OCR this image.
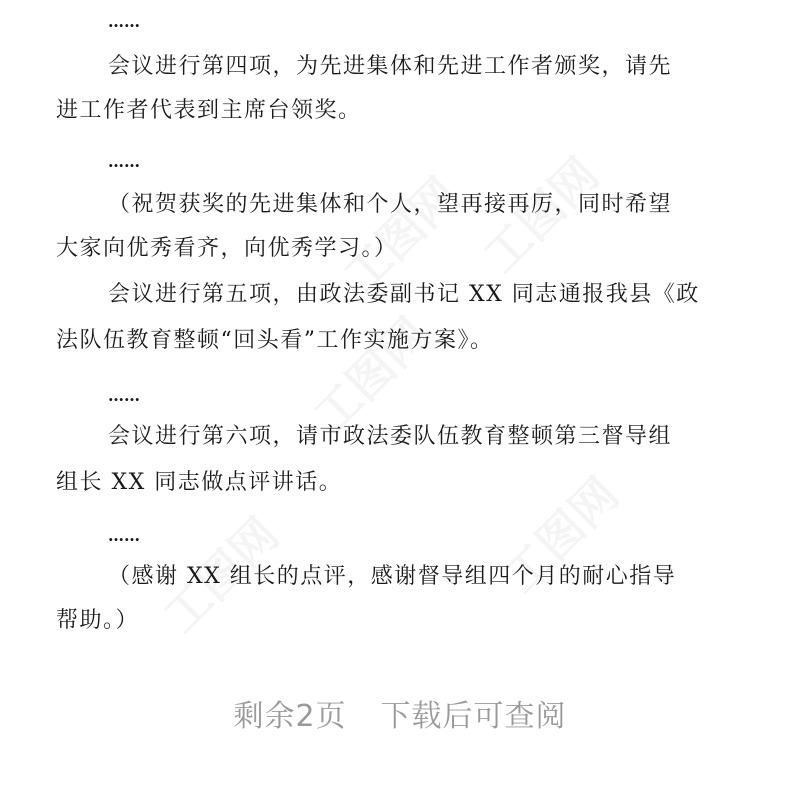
……
会议进行第四项，为先进集体和先进工作者颁奖，请先
进工作者代表到主席台领奖。
……
（祝贺获奖的先进集体和个人，望再接再厉，同时希望
大家向优秀看齐，向优秀学习。）
会议进行第五项，由政法委副书记 XX 同志通报我县《政
法队伍教育整顿“回头看”工作实施方案》。
……
会议进行第六项，请市政法委队伍教育整顿第三督导组
组长 XX 同志做点评讲话。
……
（感谢 XX 组长的点评，感谢督导组四个月的耐心指导
帮助。）
剩余2页 下载后可查阅
